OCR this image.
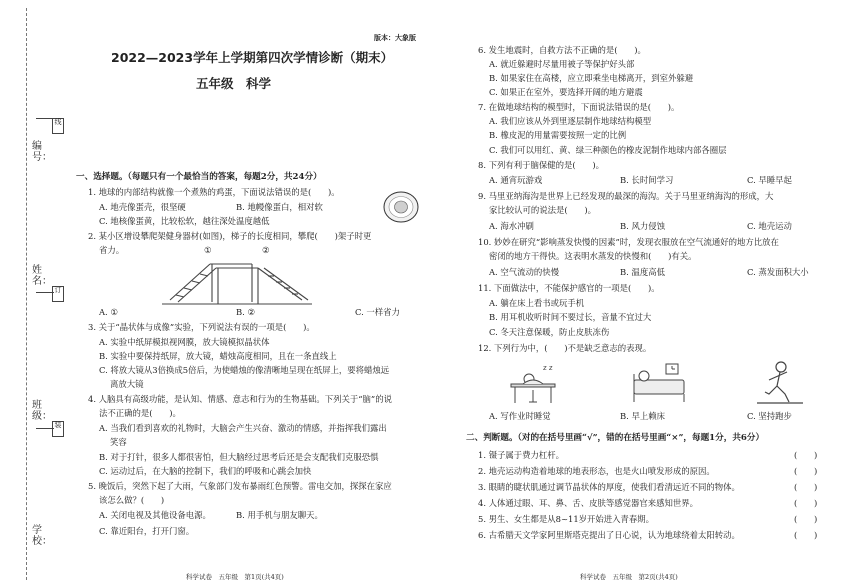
编号：
线
姓名：
订
班级：
装
学校：
版本：大象版
2022—2023学年上学期第四次学情诊断（期末）
五年级　科学
一、选择题。（每题只有一个最恰当的答案，每题2分，共24分）
1. 地球的内部结构就像一个煮熟的鸡蛋，下面说法错误的是(　　)。
A. 地壳像蛋壳，很坚硬	B. 地幔像蛋白，相对软
C. 地核像蛋黄，比较松软，越往深处温度越低
2. 某小区增设攀爬架健身器材(如图)，梯子的长度相同，攀爬(　　)架子时更
省力。	①	②
A. ①	B. ②	C. 一样省力
3. 关于“晶状体与成像”实验，下列说法有误的一项是(　　)。
A. 实验中纸屏模拟视网膜，放大镜模拟晶状体
B. 实验中要保持纸屏，放大镜，蜡烛高度相同，且在一条直线上
C. 将放大镜从3倍换成5倍后，为使蜡烛的像清晰地呈现在纸屏上，要将蜡烛远
离放大镜
4. 人脑具有高级功能，是认知、情感、意志和行为的生物基础。下列关于“脑”的说
法不正确的是(　　)。
A. 当我们看到喜欢的礼物时，大脑会产生兴奋、激动的情感，并指挥我们露出
笑容
B. 对于打针，很多人都很害怕，但大脑经过思考后还是会支配我们克服恐惧
C. 运动过后，在大脑的控制下，我们的呼吸和心跳会加快
5. 晚饭后，突然下起了大雨，气象部门发布暴雨红色预警。雷电交加，探探在家应
该怎么做？(　　)
A. 关闭电视及其他设备电源。	B. 用手机与朋友聊天。
C. 靠近阳台，打开门窗。
科学试卷　五年级　第1页(共4页)
6. 发生地震时，自救方法不正确的是(　　)。
A. 就近躲避时尽量用被子等保护好头部
B. 如果家住在高楼，应立即乘坐电梯离开，到室外躲避
C. 如果正在室外，要选择开阔的地方避震
7. 在做地球结构的模型时，下面说法错误的是(　　)。
A. 我们应该从外到里逐层制作地球结构模型
B. 橡皮泥的用量需要按照一定的比例
C. 我们可以用红、黄、绿三种颜色的橡皮泥制作地球内部各圈层
8. 下列有利于脑保健的是(　　)。
A. 通宵玩游戏	B. 长时间学习	C. 早睡早起
9. 马里亚纳海沟是世界上已经发现的最深的海沟。关于马里亚纳海沟的形成，大
家比较认可的说法是(　　)。
A. 海水冲刷	B. 风力侵蚀	C. 地壳运动
10. 妙妙在研究“影响蒸发快慢的因素”时，发现衣服放在空气流通好的地方比放在
密闭的地方干得快。这表明水蒸发的快慢和(　　)有关。
A. 空气流动的快慢	B. 温度高低	C. 蒸发面积大小
11. 下面做法中，不能保护感官的一项是(　　)。
A. 躺在床上看书或玩手机
B. 用耳机收听时间不要过长，音量不宜过大
C. 冬天注意保暖，防止皮肤冻伤
12. 下列行为中，(　　)不是缺乏意志的表现。
z z
A. 写作业时睡觉	B. 早上赖床	C. 坚持跑步
二、判断题。（对的在括号里画“√”，错的在括号里画“×”，每题1分，共6分）
1. 镊子属于费力杠杆。
2. 地壳运动构造着地球的地表形态，也是火山喷发形成的原因。
3. 眼睛的睫状肌通过调节晶状体的厚度，使我们看清远近不同的物体。
4. 人体通过眼、耳、鼻、舌、皮肤等感觉器官来感知世界。
5. 男生、女生都是从8~11岁开始进入青春期。
6. 古希腊天文学家阿里斯塔克提出了日心说，认为地球绕着太阳转动。
(　　)
(　　)
(　　)
(　　)
(　　)
(　　)
科学试卷　五年级　第2页(共4页)
